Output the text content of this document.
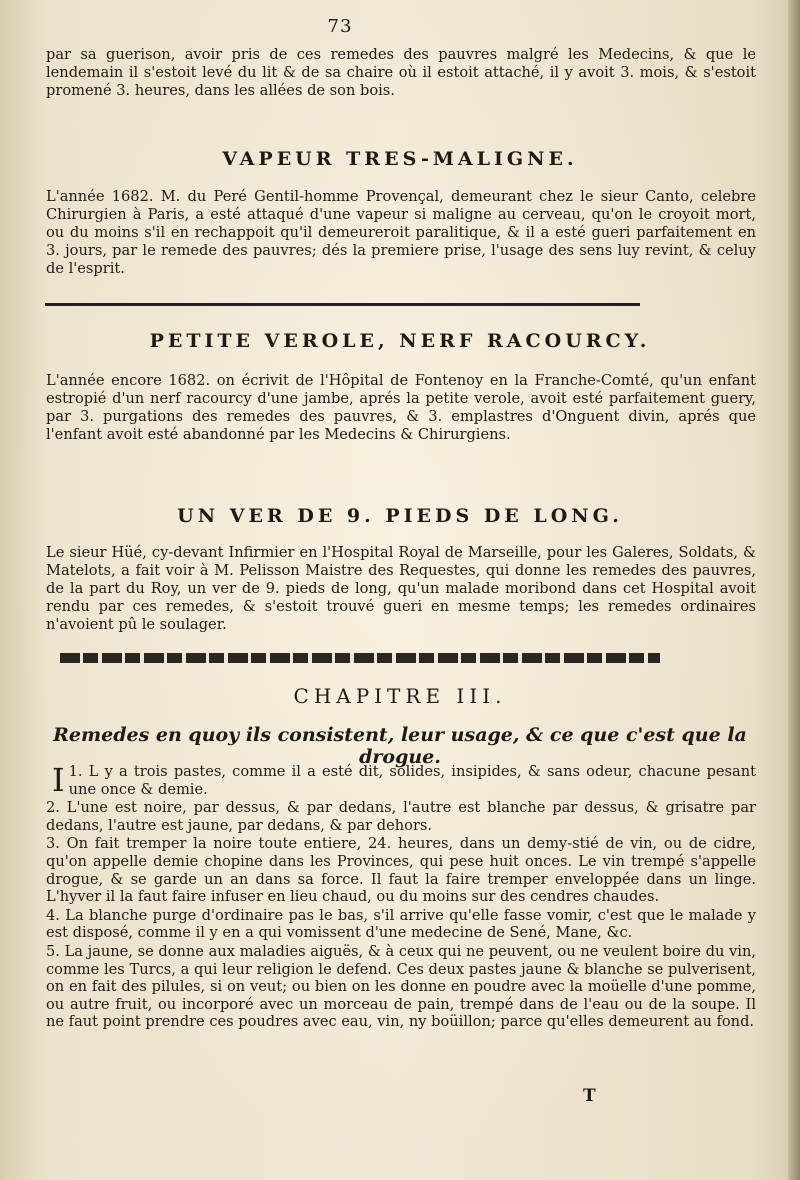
73

par sa guerison, avoir pris de ces remedes des pauvres malgré les Medecins, & que le lendemain il s'estoit levé du lit & de sa chaire où il estoit attaché, il y avoit 3. mois, & s'estoit promené 3. heures, dans les allées de son bois.

VAPEUR TRES-MALIGNE.

L'année 1682. M. du Peré Gentil-homme Provençal, demeurant chez le sieur Canto, celebre Chirurgien à Paris, a esté attaqué d'une vapeur si maligne au cerveau, qu'on le croyoit mort, ou du moins s'il en rechappoit qu'il demeureroit paralitique, & il a esté gueri parfaitement en 3. jours, par le remede des pauvres; dés la premiere prise, l'usage des sens luy revint, & celuy de l'esprit.

PETITE VEROLE, NERF RACOURCY.

L'année encore 1682. on écrivit de l'Hôpital de Fontenoy en la Franche-Comté, qu'un enfant estropié d'un nerf racourcy d'une jambe, aprés la petite verole, avoit esté parfaitement guery, par 3. purgations des remedes des pauvres, & 3. emplastres d'Onguent divin, aprés que l'enfant avoit esté abandonné par les Medecins & Chirurgiens.

UN VER DE 9. PIEDS DE LONG.

Le sieur Hüé, cy-devant Infirmier en l'Hospital Royal de Marseille, pour les Galeres, Soldats, & Matelots, a fait voir à M. Pelisson Maistre des Requestes, qui donne les remedes des pauvres, de la part du Roy, un ver de 9. pieds de long, qu'un malade moribond dans cet Hospital avoit rendu par ces remedes, & s'estoit trouvé gueri en mesme temps; les remedes ordinaires n'avoient pû le soulager.

CHAPITRE III.
Remedes en quoy ils consistent, leur usage, & ce que c'est que la drogue.

1.
I L y a trois pastes, comme il a esté dit, solides, insipides, & sans odeur, chacune pesant une once & demie.

2. L'une est noire, par dessus, & par dedans, l'autre est blanche par dessus, & grisatre par dedans, l'autre est jaune, par dedans, & par dehors.

3. On fait tremper la noire toute entiere, 24. heures, dans un demy-stié de vin, ou de cidre, qu'on appelle demie chopine dans les Provinces, qui pese huit onces. Le vin trempé s'appelle drogue, & se garde un an dans sa force. Il faut la faire tremper enveloppée dans un linge. L'hyver il la faut faire infuser en lieu chaud, ou du moins sur des cendres chaudes.

4. La blanche purge d'ordinaire pas le bas, s'il arrive qu'elle fasse vomir, c'est que le malade y est disposé, comme il y en a qui vomissent d'une medecine de Sené, Mane, &c.

5. La jaune, se donne aux maladies aiguës, & à ceux qui ne peuvent, ou ne veulent boire du vin, comme les Turcs, a qui leur religion le defend. Ces deux pastes jaune & blanche se pulverisent, on en fait des pilules, si on veut; ou bien on les donne en poudre avec la moüelle d'une pomme, ou autre fruit, ou incorporé avec un morceau de pain, trempé dans de l'eau ou de la soupe. Il ne faut point prendre ces poudres avec eau, vin, ny boüillon; parce qu'elles demeurent au fond.

T
